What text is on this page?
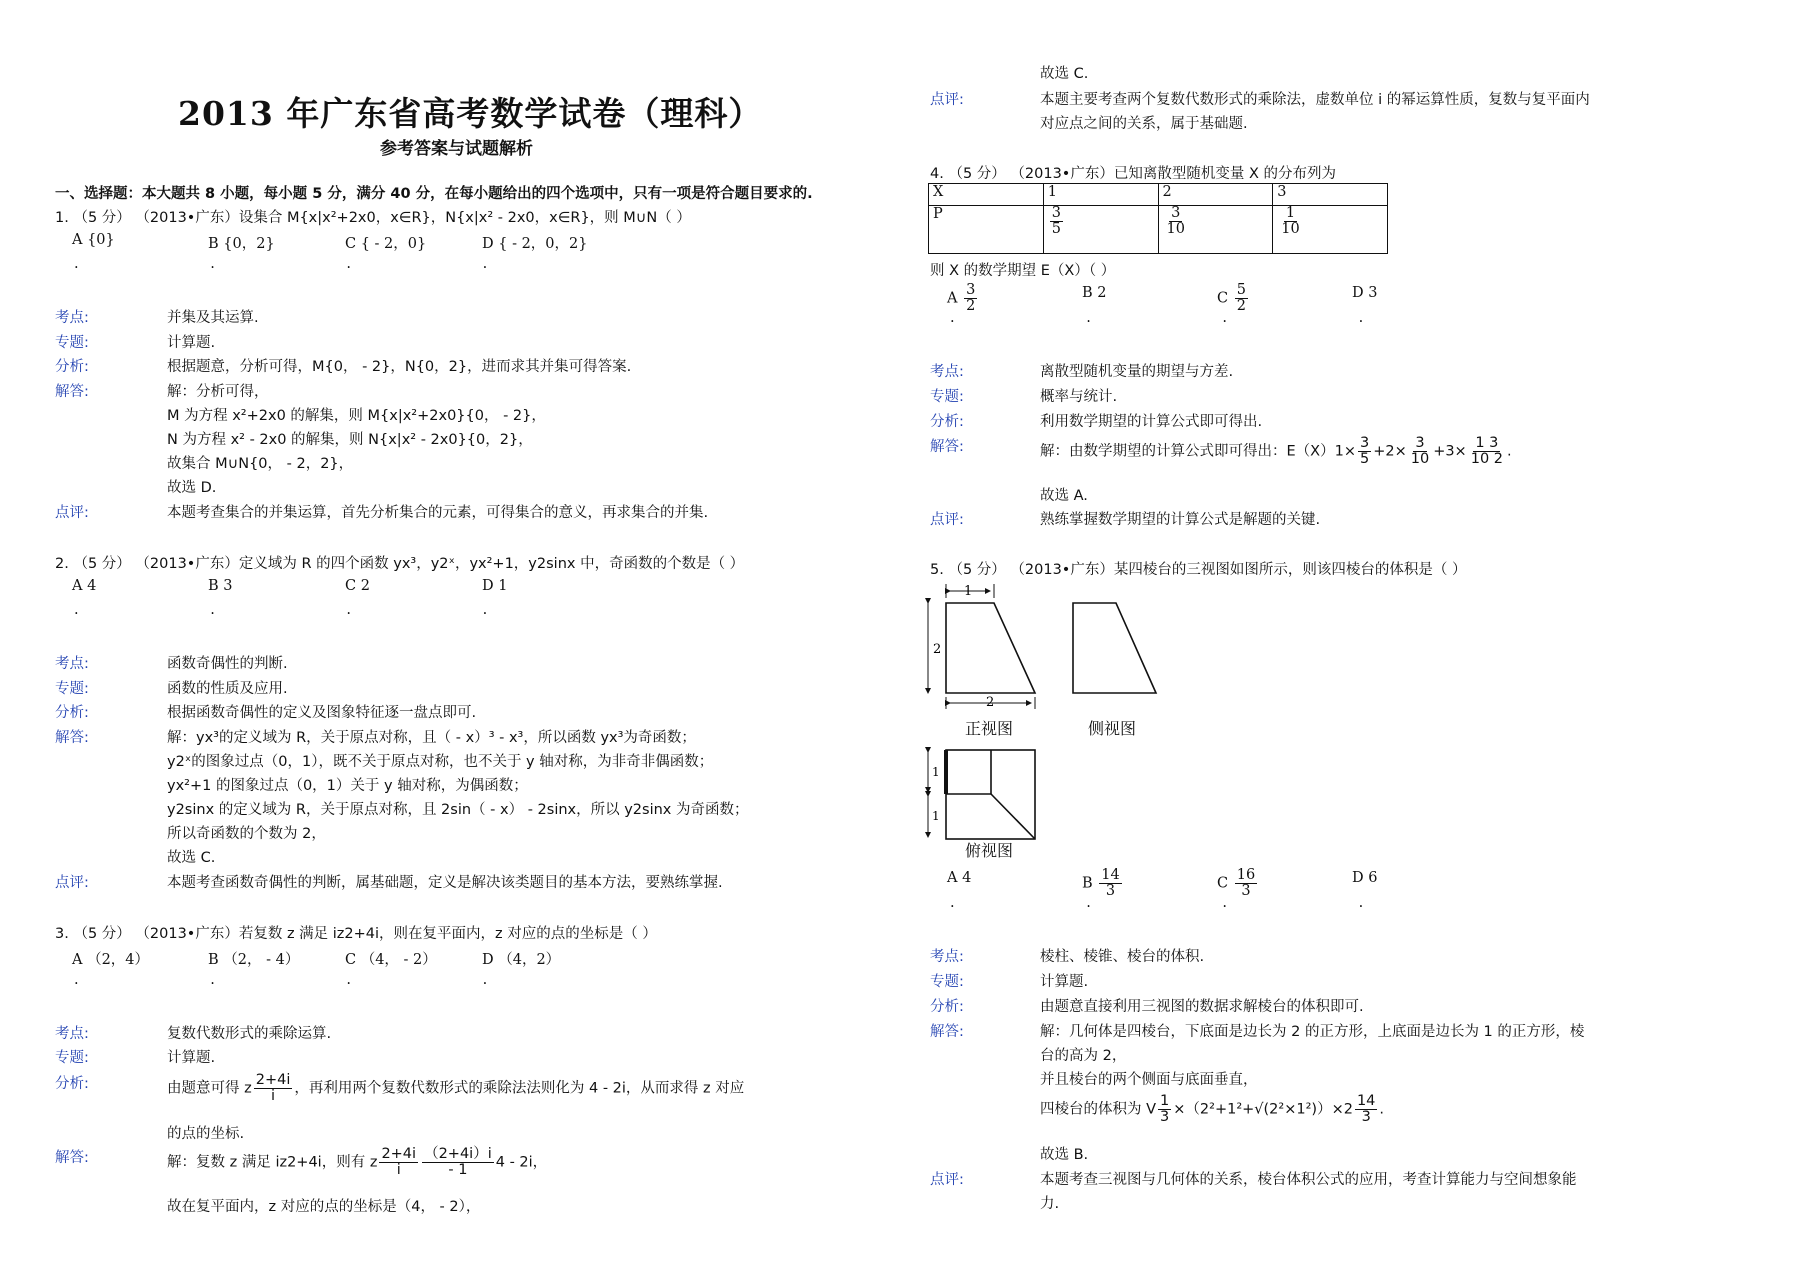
2013 年广东省高考数学试卷（理科）
参考答案与试题解析
一、选择题：本大题共 8 小题，每小题 5 分，满分 40 分，在每小题给出的四个选项中，只有一项是符合题目要求的.
1. （5 分） （2013•广东）设集合 M{x|x²+2x0，x∈R}，N{x|x² - 2x0，x∈R}，则 M∪N（ ）
A {0}	B {0，2}	C { - 2，0}	D { - 2，0，2}
. . . .
考点:	并集及其运算.
专题:	计算题.
分析:	根据题意，分析可得，M{0， - 2}，N{0，2}，进而求其并集可得答案.
解答:	解：分析可得，
M 为方程 x²+2x0 的解集，则 M{x|x²+2x0}{0， - 2}，
N 为方程 x² - 2x0 的解集，则 N{x|x² - 2x0}{0，2}，
故集合 M∪N{0， - 2，2}，
故选 D.
点评:	本题考查集合的并集运算，首先分析集合的元素，可得集合的意义，再求集合的并集.
2. （5 分） （2013•广东）定义域为 R 的四个函数 yx³，y2ˣ，yx²+1，y2sinx 中，奇函数的个数是（ ）
A 4	B 3	C 2	D 1
. . . .
考点:	函数奇偶性的判断.
专题:	函数的性质及应用.
分析:	根据函数奇偶性的定义及图象特征逐一盘点即可.
解答:	解：yx³的定义域为 R，关于原点对称，且（ - x）³ - x³，所以函数 yx³为奇函数；
y2ˣ的图象过点（0，1），既不关于原点对称，也不关于 y 轴对称，为非奇非偶函数；
yx²+1 的图象过点（0，1）关于 y 轴对称，为偶函数；
y2sinx 的定义域为 R，关于原点对称，且 2sin（ - x） - 2sinx，所以 y2sinx 为奇函数；
所以奇函数的个数为 2，
故选 C.
点评:	本题考查函数奇偶性的判断，属基础题，定义是解决该类题目的基本方法，要熟练掌握.
3. （5 分） （2013•广东）若复数 z 满足 iz2+4i，则在复平面内，z 对应的点的坐标是（ ）
A （2，4）	B （2， - 4）	C （4， - 2）	D （4，2）
. . . .
考点:	复数代数形式的乘除运算.
专题:	计算题.
分析:	由题意可得 z $\frac{2+4i}{i}$ ，再利用两个复数代数形式的乘除法法则化为 4 - 2i，从而求得 z 对应
的点的坐标.
解答:	解：复数 z 满足 iz2+4i，则有 z $\frac{2+4i}{i} \frac{(2+4i)i}{- 1} 4 - 2i$，
故在复平面内，z 对应的点的坐标是（4， - 2），
故选 C.
点评:	本题主要考查两个复数代数形式的乘除法，虚数单位 i 的幂运算性质，复数与复平面内
对应点之间的关系，属于基础题.
4. （5 分） （2013•广东）已知离散型随机变量 X 的分布列为
X	1	2	3
P	$\frac{3}{5}$	$\frac{3}{10}$	$\frac{1}{10}$
则 X 的数学期望 E（X）（ ）
A $\frac{3}{2}$	B 2	C $\frac{5}{2}$	D 3
. . . .
考点:	离散型随机变量的期望与方差.
专题:	概率与统计.
分析:	利用数学期望的计算公式即可得出.
解答:	解：由数学期望的计算公式即可得出：$E(X)1\times \frac{3}{5} +2\times \frac{3}{10} +3\times \frac{1 3}{10 2}$ .
故选 A.
点评:	熟练掌握数学期望的计算公式是解题的关键.
5. （5 分） （2013•广东）某四棱台的三视图如图所示，则该四棱台的体积是（ ）
1
2
2
1
1
正视图	侧视图
俯视图
A 4	B $\frac{14}{3}$	C $\frac{16}{3}$	D 6
. . . .
考点:	棱柱、棱锥、棱台的体积.
专题:	计算题.
分析:	由题意直接利用三视图的数据求解棱台的体积即可.
解答:	解：几何体是四棱台，下底面是边长为 2 的正方形，上底面是边长为 1 的正方形，棱
台的高为 2，
并且棱台的两个侧面与底面垂直，
四棱台的体积为 V $\frac{1}{3} \times(2^2+1^2+√(2^2\times 1^2))\times 2 \frac{14}{3}$ .
故选 B.
点评:	本题考查三视图与几何体的关系，棱台体积公式的应用，考查计算能力与空间想象能
力.
